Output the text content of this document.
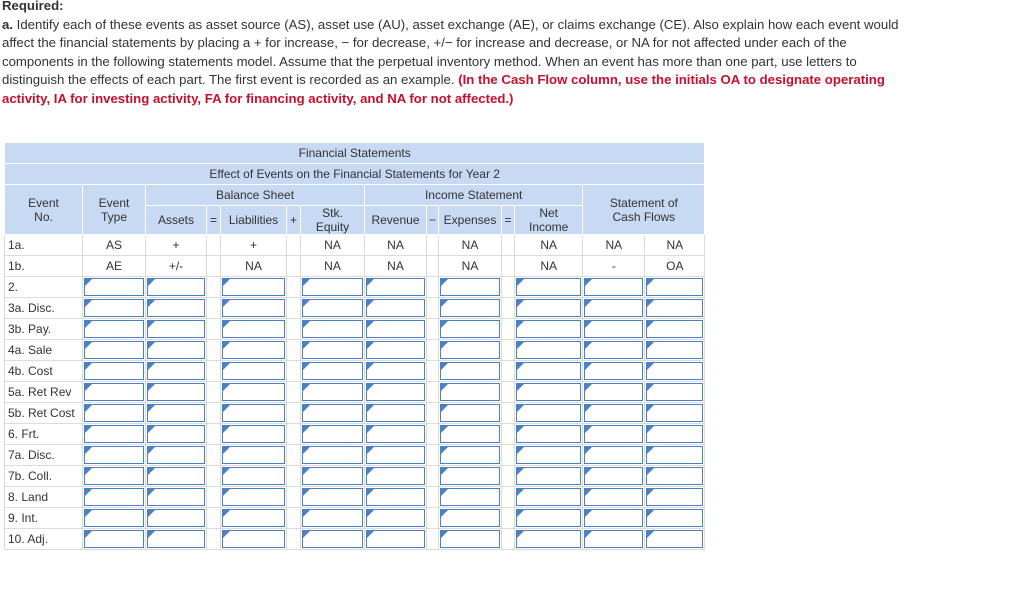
Required:
a. Identify each of these events as asset source (AS), asset use (AU), asset exchange (AE), or claims exchange (CE). Also explain how each event would affect the financial statements by placing a + for increase, − for decrease, +/− for increase and decrease, or NA for not affected under each of the components in the following statements model. Assume that the perpetual inventory method. When an event has more than one part, use letters to distinguish the effects of each part. The first event is recorded as an example. (In the Cash Flow column, use the initials OA to designate operating activity, IA for investing activity, FA for financing activity, and NA for not affected.)
Financial Statements													
Effect of Events on the Financial Statements for Year 2													
Event No.	Event Type	Balance Sheet					Income Statement					Statement of Cash Flows	
		Assets	=	Liabilities	+	Stk. Equity	Revenue	−	Expenses	=	Net Income		
1a.	AS	+		+		NA	NA		NA		NA	NA	NA
1b.	AE	+/-		NA		NA	NA		NA		NA	-	OA
2.	

3a. Disc.	

3b. Pay.	

4a. Sale	

4b. Cost	

5a. Ret Rev	

5b. Ret Cost	

6. Frt.	

7a. Disc.	

7b. Coll.	

8. Land	

9. Int.	

10. Adj.	
